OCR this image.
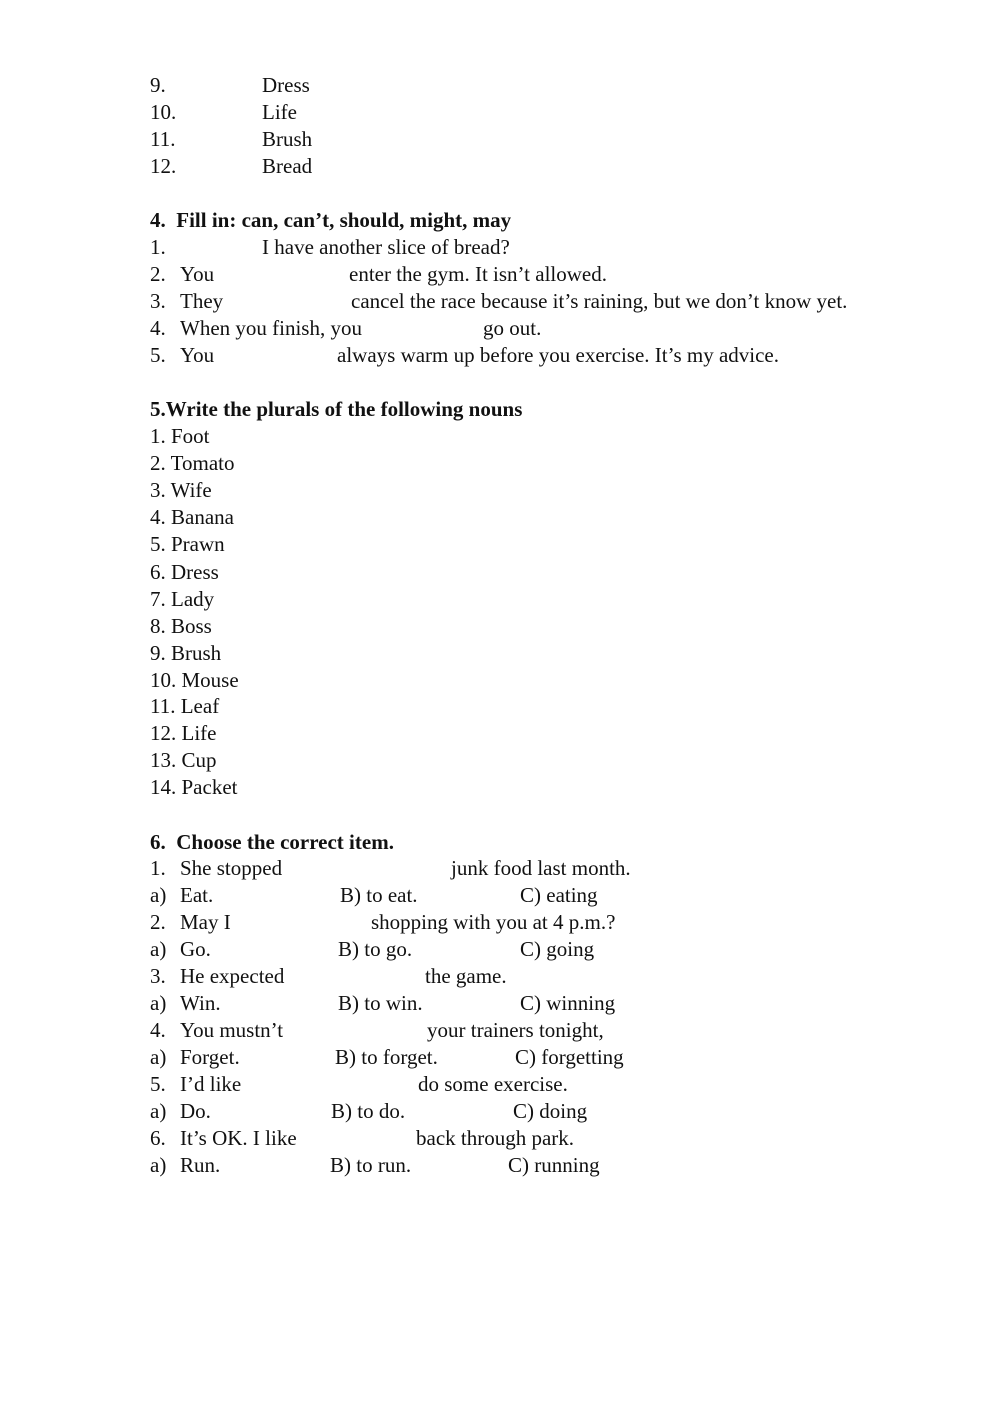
9.	Dress
10.	Life
11.	Brush
12.	Bread
4.  Fill in: can, can’t, should, might, may
1.	I have another slice of bread?
2. You	enter the gym. It isn’t allowed.
3. They	cancel the race because it’s raining, but we don’t know yet.
4. When you finish, you	go out.
5. You	always warm up before you exercise. It’s my advice.
5.Write the plurals of the following nouns
1. Foot
2. Tomato
3. Wife
4. Banana
5. Prawn
6. Dress
7. Lady
8. Boss
9. Brush
10. Mouse
11. Leaf
12. Life
13. Cup
14. Packet
6.  Choose the correct item.
1. She stopped	junk food last month.
a) Eat.	B) to eat.	C) eating
2. May I	shopping with you at 4 p.m.?
a) Go.	B) to go.	C) going
3. He expected	the game.
a) Win.	B) to win.	C) winning
4. You mustn’t	your trainers tonight,
a) Forget.	B) to forget.	C) forgetting
5. I’d like	do some exercise.
a) Do.	B) to do.	C) doing
6. It’s OK. I like	back through park.
a) Run.	B) to run.	C) running
